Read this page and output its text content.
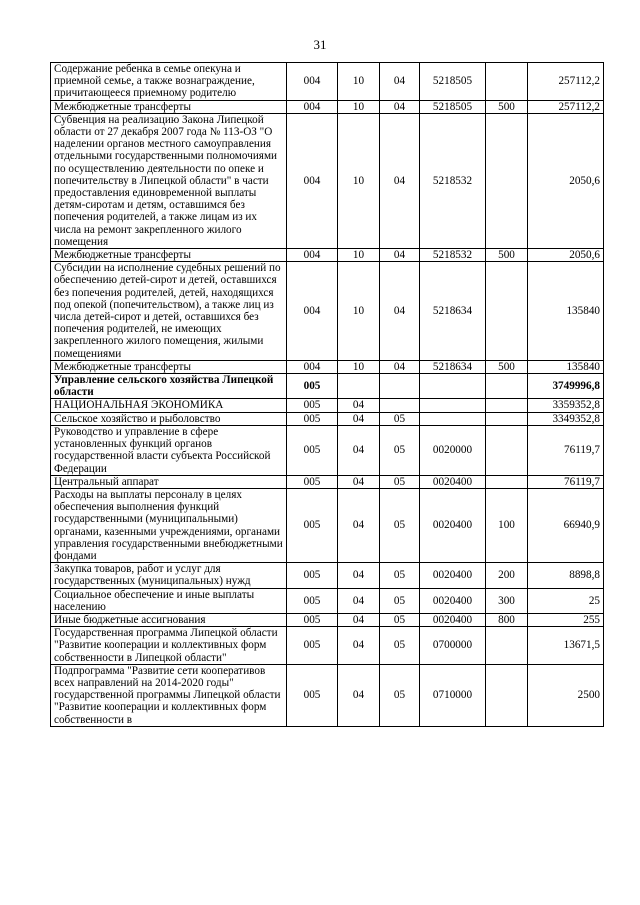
31
Содержание ребенка в семье опекуна и приемной семье, а также вознаграждение, причитающееся приемному родителю	004	10	04	5218505		257112,2
Межбюджетные трансферты	004	10	04	5218505	500	257112,2
Субвенция на реализацию Закона Липецкой области от 27 декабря 2007 года № 113-ОЗ "О наделении органов местного самоуправления отдельными государственными полномочиями по осуществлению деятельности по опеке и попечительству в Липецкой области" в части предоставления единовременной выплаты детям-сиротам и детям, оставшимся без попечения родителей, а также лицам из их числа на ремонт закрепленного жилого помещения	004	10	04	5218532		2050,6
Межбюджетные трансферты	004	10	04	5218532	500	2050,6
Субсидии на исполнение судебных решений по обеспечению детей-сирот и детей, оставшихся без попечения родителей, детей, находящихся под опекой (попечительством), а также лиц из числа детей-сирот и детей, оставшихся без попечения родителей, не имеющих закрепленного жилого помещения, жилыми помещениями	004	10	04	5218634		135840
Межбюджетные трансферты	004	10	04	5218634	500	135840
Управление сельского хозяйства Липецкой области	005					3749996,8
НАЦИОНАЛЬНАЯ ЭКОНОМИКА	005	04				3359352,8
Сельское хозяйство и рыболовство	005	04	05			3349352,8
Руководство и управление в сфере установленных функций органов государственной власти субъекта Российской Федерации	005	04	05	0020000		76119,7
Центральный аппарат	005	04	05	0020400		76119,7
Расходы на выплаты персоналу в целях обеспечения выполнения функций государственными (муниципальными) органами, казенными учреждениями, органами управления государственными внебюджетными фондами	005	04	05	0020400	100	66940,9
Закупка товаров, работ и услуг для государственных (муниципальных) нужд	005	04	05	0020400	200	8898,8
Социальное обеспечение и иные выплаты населению	005	04	05	0020400	300	25
Иные бюджетные ассигнования	005	04	05	0020400	800	255
Государственная программа Липецкой области "Развитие кооперации и коллективных форм собственности в Липецкой области"	005	04	05	0700000		13671,5
Подпрограмма "Развитие сети кооперативов всех направлений на 2014-2020 годы" государственной программы Липецкой области "Развитие кооперации и коллективных форм собственности в	005	04	05	0710000		2500
